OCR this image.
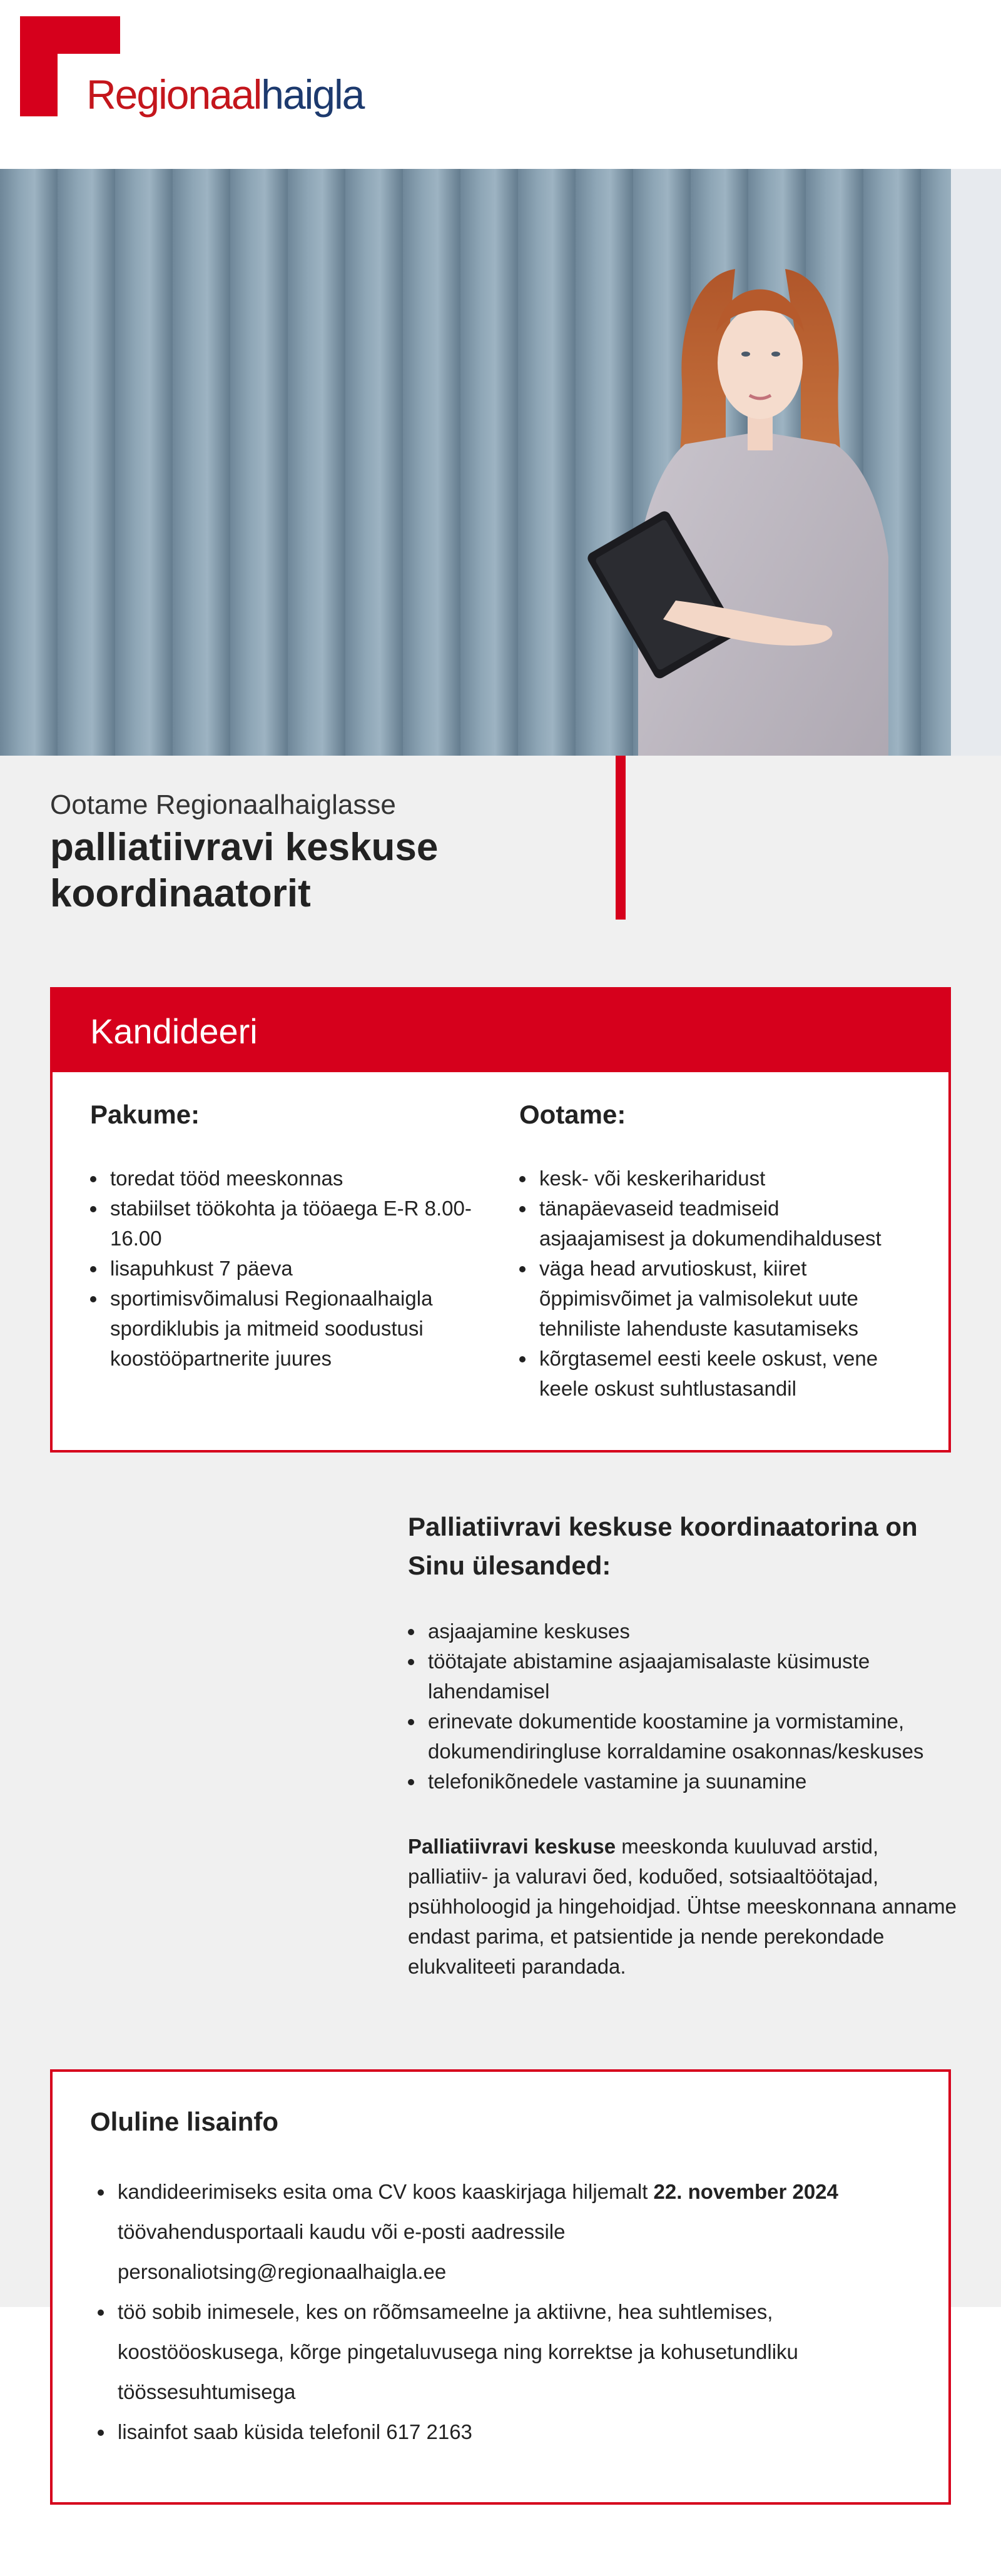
Regionaalhaigla
Ootame Regionaalhaiglasse
palliatiivravi keskuse koordinaatorit
Kandideeri
Pakume:
toredat tööd meeskonnas
stabiilset töökohta ja tööaega E-R 8.00-16.00
lisapuhkust 7 päeva
sportimisvõimalusi Regionaalhaigla spordiklubis ja mitmeid soodustusi koostööpartnerite juures
Ootame:
kesk- või keskeriharidust
tänapäevaseid teadmiseid asjaajamisest ja dokumendihaldusest
väga head arvutioskust, kiiret õppimisvõimet ja valmisolekut uute tehniliste lahenduste kasutamiseks
kõrgtasemel eesti keele oskust, vene keele oskust suhtlustasandil
Palliatiivravi keskuse koordinaatorina on Sinu ülesanded:
asjaajamine keskuses
töötajate abistamine asjaajamisalaste küsimuste lahendamisel
erinevate dokumentide koostamine ja vormistamine, dokumendiringluse korraldamine osakonnas/keskuses
telefonikõnedele vastamine ja suunamine

Palliatiivravi keskuse meeskonda kuuluvad arstid, palliatiiv- ja valuravi õed, koduõed, sotsiaaltöötajad, psühholoogid ja hingehoidjad. Ühtse meeskonnana anname endast parima, et patsientide ja nende perekondade elukvaliteeti parandada.

Oluline lisainfo
kandideerimiseks esita oma CV koos kaaskirjaga hiljemalt 22. november 2024 töövahendusportaali kaudu või e-posti aadressile personaliotsing@regionaalhaigla.ee
töö sobib inimesele, kes on rõõmsameelne ja aktiivne, hea suhtlemises, koostööoskusega, kõrge pingetaluvusega ning korrektse ja kohusetundliku töössesuhtumisega
lisainfot saab küsida telefonil 617 2163
